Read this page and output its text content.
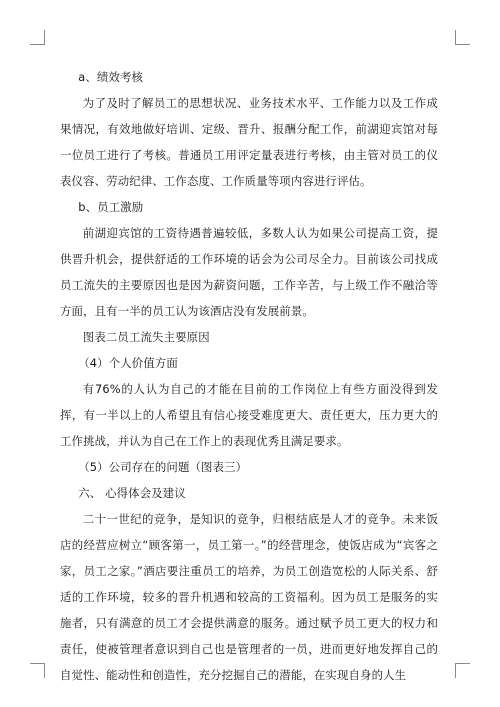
a、绩效考核

为了及时了解员工的思想状况、业务技术水平、工作能力以及工作成果情况，有效地做好培训、定级、晋升、报酬分配工作，前湖迎宾馆对每一位员工进行了考核。普通员工用评定量表进行考核，由主管对员工的仪表仪容、劳动纪律、工作态度、工作质量等项内容进行评估。

b、员工激励

前湖迎宾馆的工资待遇普遍较低，多数人认为如果公司提高工资，提供晋升机会，提供舒适的工作环境的话会为公司尽全力。目前该公司找成员工流失的主要原因也是因为薪资问题，工作辛苦，与上级工作不融洽等方面，且有一半的员工认为该酒店没有发展前景。

图表二员工流失主要原因

（4）个人价值方面

有76%的人认为自己的才能在目前的工作岗位上有些方面没得到发挥，有一半以上的人希望且有信心接受难度更大、责任更大，压力更大的工作挑战，并认为自己在工作上的表现优秀且满足要求。

（5）公司存在的问题（图表三）

六、 心得体会及建议

二十一世纪的竞争，是知识的竞争，归根结底是人才的竞争。未来饭店的经营应树立“顾客第一，员工第一。”的经营理念，使饭店成为“宾客之家，员工之家。”酒店要注重员工的培养，为员工创造宽松的人际关系、舒适的工作环境，较多的晋升机遇和较高的工资福利。因为员工是服务的实施者，只有满意的员工才会提供满意的服务。通过赋予员工更大的权力和责任，使被管理者意识到自己也是管理者的一员，进而更好地发挥自己的自觉性、能动性和创造性，充分挖掘自己的潜能，在实现自身的人生
